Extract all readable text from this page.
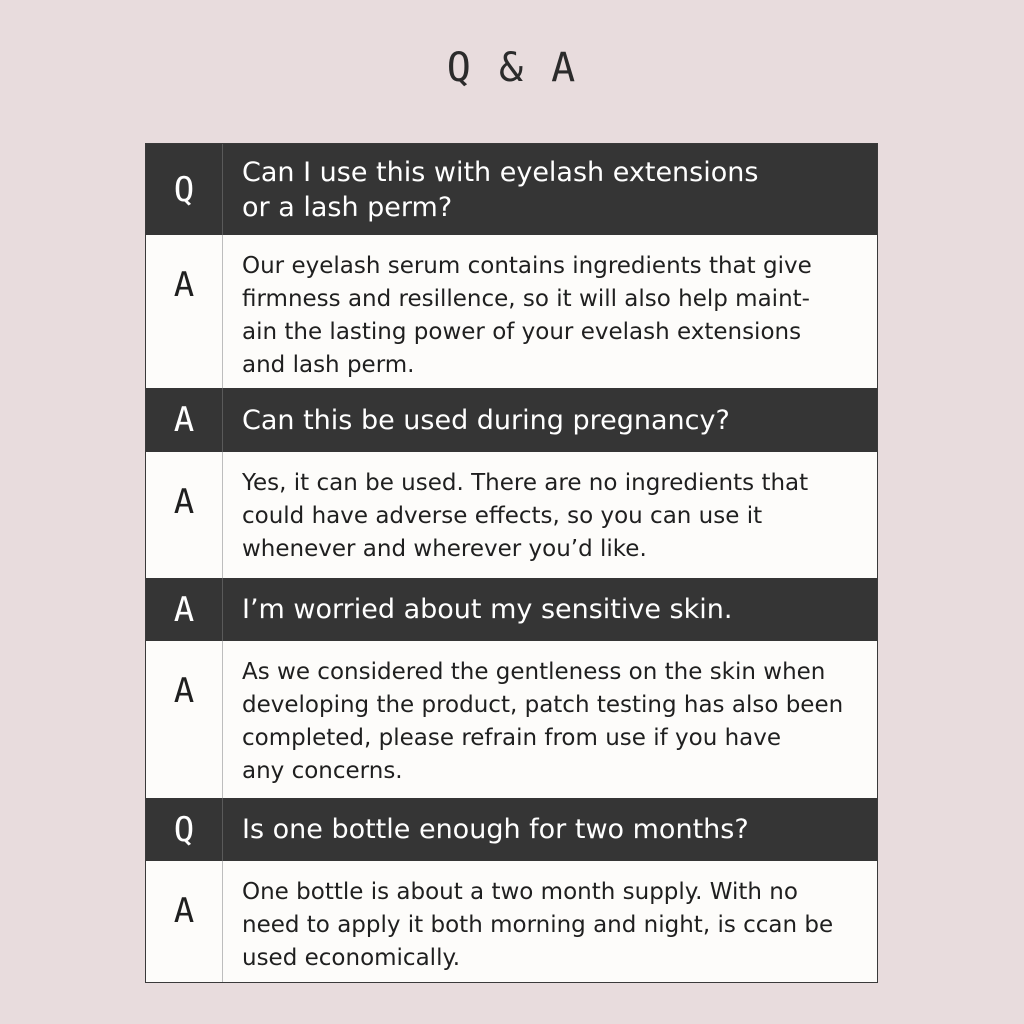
Q & A
Q	Can I use this with eyelash extensions
or a lash perm?
A	Our eyelash serum contains ingredients that give
firmness and resillence, so it will also help maint-
ain the lasting power of your evelash extensions
and lash perm.
A	Can this be used during pregnancy?
A	Yes, it can be used. There are no ingredients that
could have adverse effects, so you can use it
whenever and wherever you’d like.
A	I’m worried about my sensitive skin.
A	As we considered the gentleness on the skin when
developing the product, patch testing has also been
completed, please refrain from use if you have
any concerns.
Q	Is one bottle enough for two months?
A	One bottle is about a two month supply. With no
need to apply it both morning and night, is ccan be
used economically.
